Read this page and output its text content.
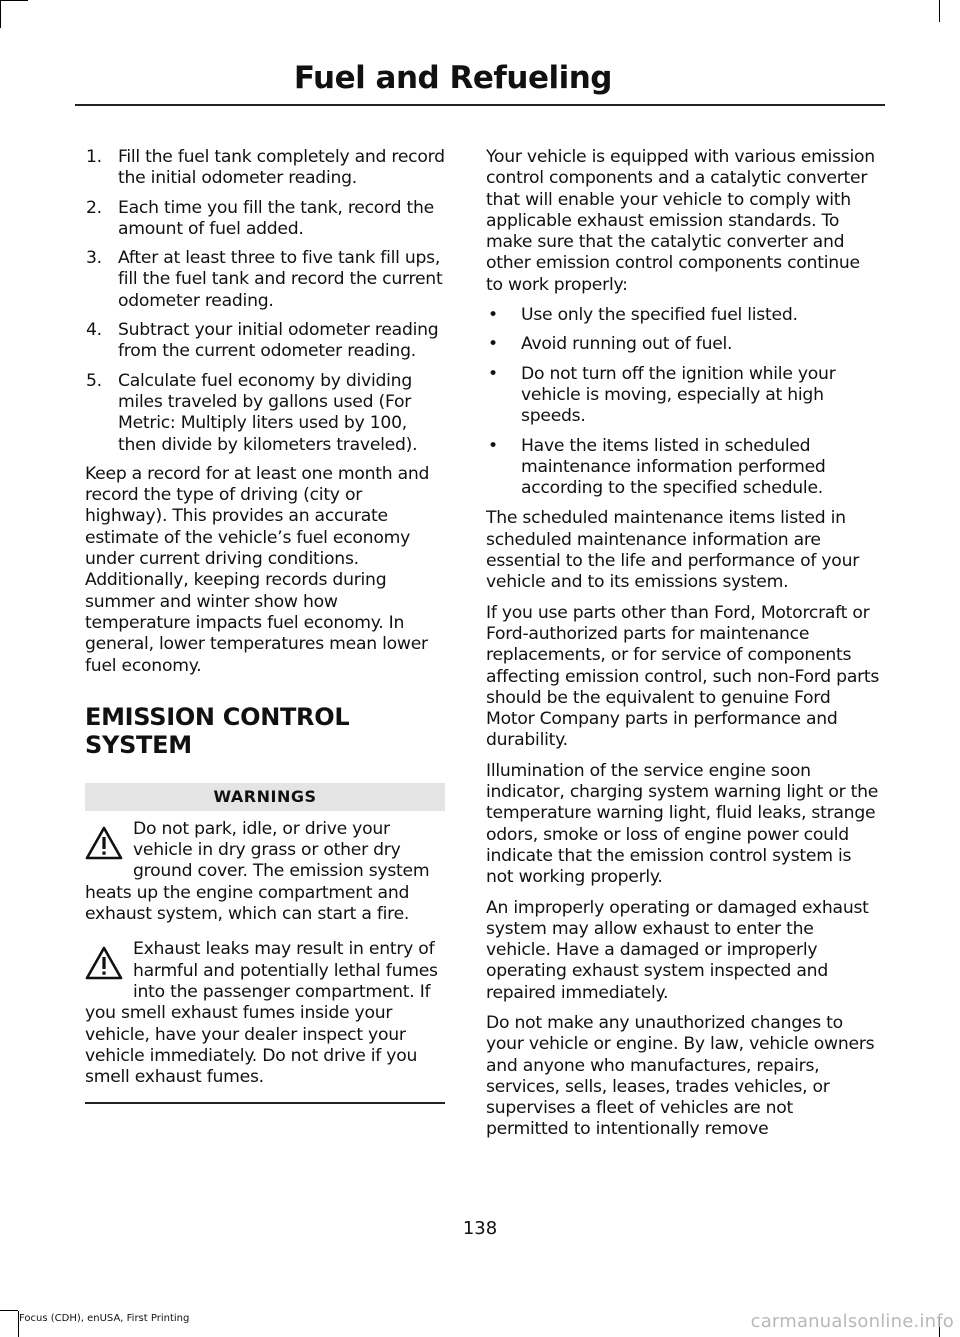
Fuel and Refueling
1. Fill the fuel tank completely and record the initial odometer reading.
2. Each time you fill the tank, record the amount of fuel added.
3. After at least three to five tank fill ups, fill the fuel tank and record the current odometer reading.
4. Subtract your initial odometer reading from the current odometer reading.
5. Calculate fuel economy by dividing miles traveled by gallons used (For Metric: Multiply liters used by 100, then divide by kilometers traveled).

Keep a record for at least one month and record the type of driving (city or highway). This provides an accurate estimate of the vehicle’s fuel economy under current driving conditions. Additionally, keeping records during summer and winter show how temperature impacts fuel economy. In general, lower temperatures mean lower fuel economy.

EMISSION CONTROL SYSTEM
WARNINGS
Do not park, idle, or drive your vehicle in dry grass or other dry ground cover. The emission system heats up the engine compartment and exhaust system, which can start a fire.
Exhaust leaks may result in entry of harmful and potentially lethal fumes into the passenger compartment. If you smell exhaust fumes inside your vehicle, have your dealer inspect your vehicle immediately. Do not drive if you smell exhaust fumes.

Your vehicle is equipped with various emission control components and a catalytic converter that will enable your vehicle to comply with applicable exhaust emission standards. To make sure that the catalytic converter and other emission control components continue to work properly:

• Use only the specified fuel listed.
• Avoid running out of fuel.
• Do not turn off the ignition while your vehicle is moving, especially at high speeds.
• Have the items listed in scheduled maintenance information performed according to the specified schedule.

The scheduled maintenance items listed in scheduled maintenance information are essential to the life and performance of your vehicle and to its emissions system.

If you use parts other than Ford, Motorcraft or Ford-authorized parts for maintenance replacements, or for service of components affecting emission control, such non-Ford parts should be the equivalent to genuine Ford Motor Company parts in performance and durability.

Illumination of the service engine soon indicator, charging system warning light or the temperature warning light, fluid leaks, strange odors, smoke or loss of engine power could indicate that the emission control system is not working properly.

An improperly operating or damaged exhaust system may allow exhaust to enter the vehicle. Have a damaged or improperly operating exhaust system inspected and repaired immediately.

Do not make any unauthorized changes to your vehicle or engine. By law, vehicle owners and anyone who manufactures, repairs, services, sells, leases, trades vehicles, or supervises a fleet of vehicles are not permitted to intentionally remove

138
Focus (CDH), enUSA, First Printing	carmanualsonline.info
